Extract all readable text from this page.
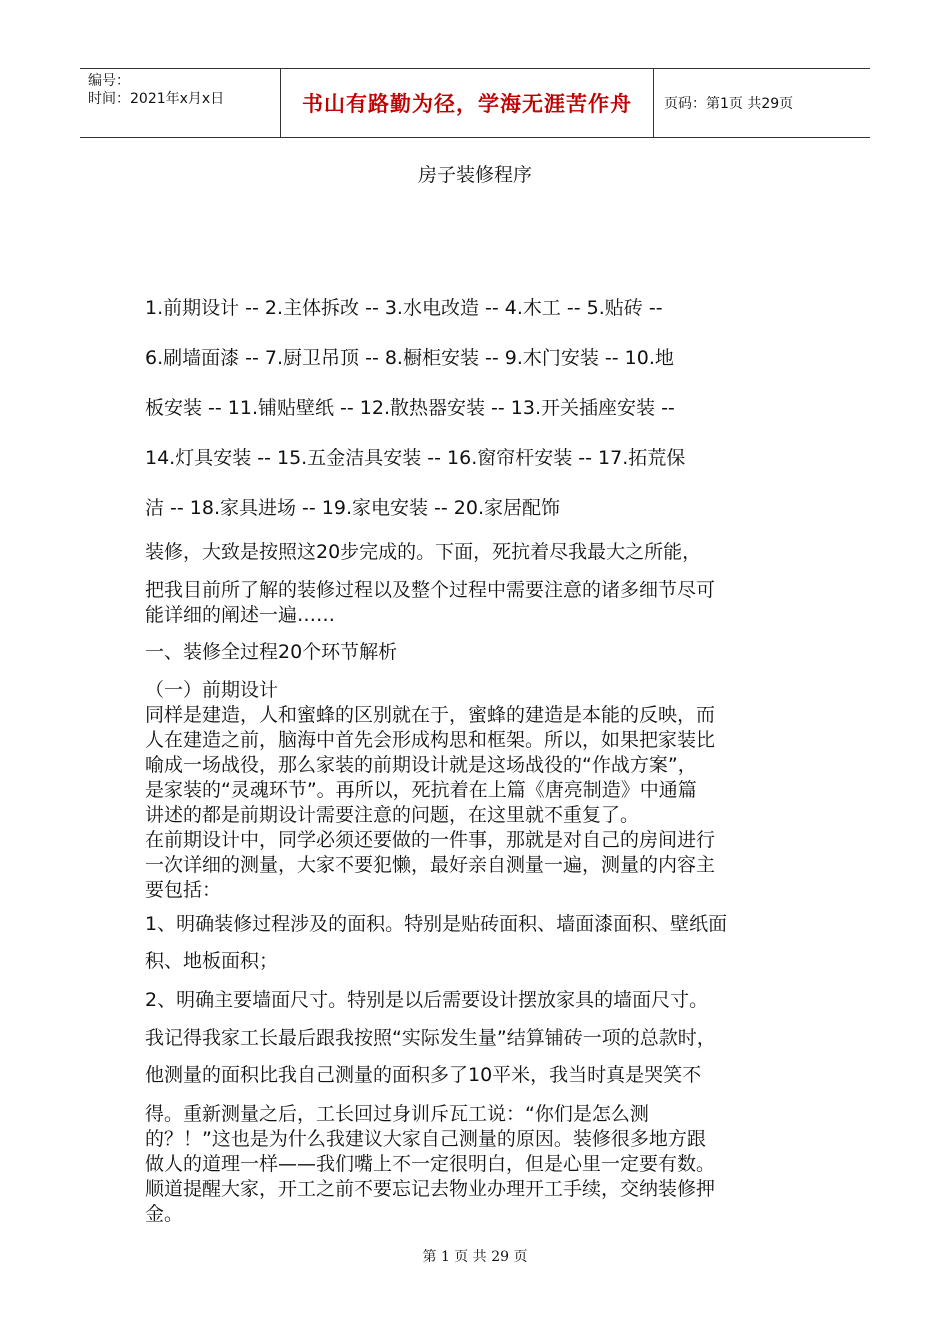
编号：
时间：2021年x月x日	书山有路勤为径，学海无涯苦作舟	页码：第1页 共29页
房子装修程序
1.前期设计 -- 2.主体拆改 -- 3.水电改造 -- 4.木工 -- 5.贴砖 --
6.刷墙面漆 -- 7.厨卫吊顶 -- 8.橱柜安装 -- 9.木门安装 -- 10.地
板安装 -- 11.铺贴壁纸 -- 12.散热器安装 -- 13.开关插座安装 --
14.灯具安装 -- 15.五金洁具安装 -- 16.窗帘杆安装 -- 17.拓荒保
洁 -- 18.家具进场 -- 19.家电安装 -- 20.家居配饰
装修，大致是按照这20步完成的。下面，死抗着尽我最大之所能，
把我目前所了解的装修过程以及整个过程中需要注意的诸多细节尽可
能详细的阐述一遍……
一、装修全过程20个环节解析
（一）前期设计
同样是建造，人和蜜蜂的区别就在于，蜜蜂的建造是本能的反映，而
人在建造之前，脑海中首先会形成构思和框架。所以，如果把家装比
喻成一场战役，那么家装的前期设计就是这场战役的“作战方案”，
是家装的“灵魂环节”。再所以，死抗着在上篇《唐亮制造》中通篇
讲述的都是前期设计需要注意的问题，在这里就不重复了。
在前期设计中，同学必须还要做的一件事，那就是对自己的房间进行
一次详细的测量，大家不要犯懒，最好亲自测量一遍，测量的内容主
要包括：
1、明确装修过程涉及的面积。特别是贴砖面积、墙面漆面积、壁纸面
积、地板面积；
2、明确主要墙面尺寸。特别是以后需要设计摆放家具的墙面尺寸。
我记得我家工长最后跟我按照“实际发生量”结算铺砖一项的总款时，
他测量的面积比我自己测量的面积多了10平米，我当时真是哭笑不
得。重新测量之后，工长回过身训斥瓦工说：“你们是怎么测
的？！”这也是为什么我建议大家自己测量的原因。装修很多地方跟
做人的道理一样——我们嘴上不一定很明白，但是心里一定要有数。
顺道提醒大家，开工之前不要忘记去物业办理开工手续，交纳装修押
金。
第 1 页 共 29 页
